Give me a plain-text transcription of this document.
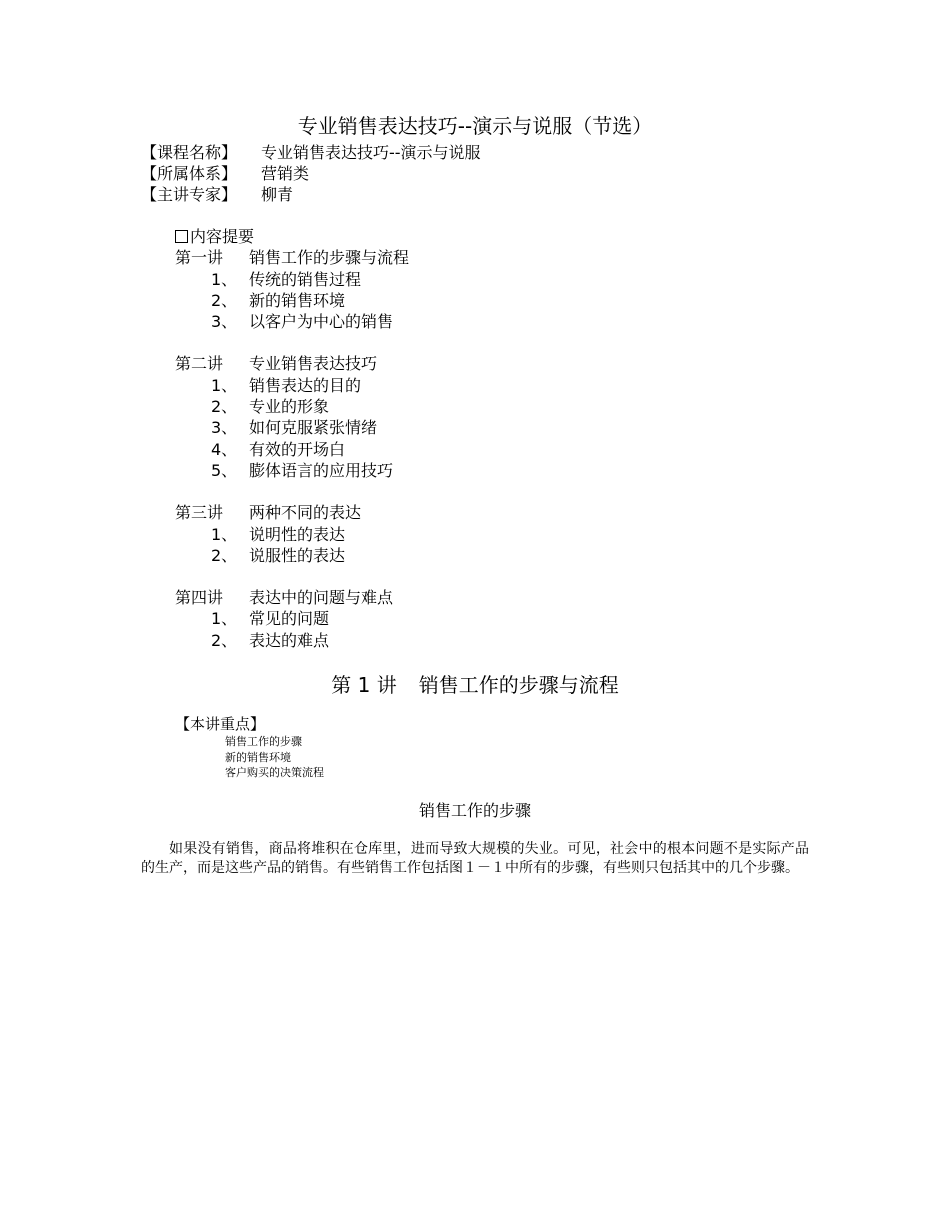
专业销售表达技巧--演示与说服（节选）
【课程名称】 专业销售表达技巧--演示与说服
【所属体系】 营销类
【主讲专家】 柳青
内容提要
第一讲 销售工作的步骤与流程
1、 传统的销售过程
2、 新的销售环境
3、 以客户为中心的销售
第二讲 专业销售表达技巧
1、 销售表达的目的
2、 专业的形象
3、 如何克服紧张情绪
4、 有效的开场白
5、 膨体语言的应用技巧
第三讲 两种不同的表达
1、 说明性的表达
2、 说服性的表达
第四讲 表达中的问题与难点
1、 常见的问题
2、 表达的难点
第 1 讲 销售工作的步骤与流程
【本讲重点】
销售工作的步骤
新的销售环境
客户购买的决策流程
销售工作的步骤
如果没有销售，商品将堆积在仓库里，进而导致大规模的失业。可见，社会中的根本问题不是实际产品的生产，而是这些产品的销售。有些销售工作包括图１－１中所有的步骤，有些则只包括其中的几个步骤。
